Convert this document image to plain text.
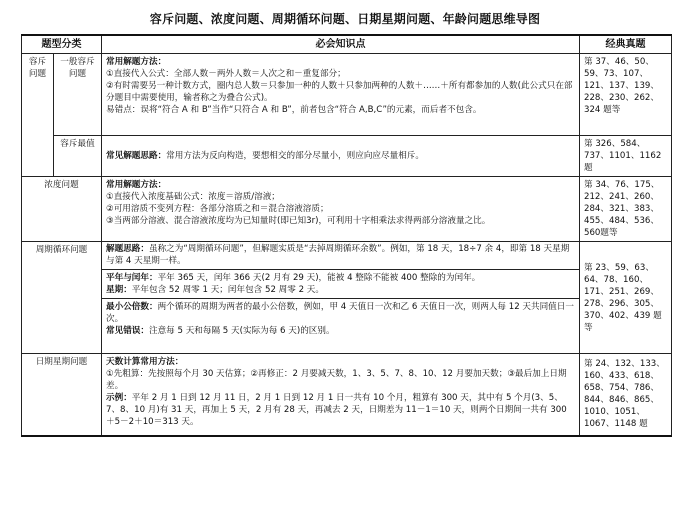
容斥问题、浓度问题、周期循环问题、日期星期问题、年龄问题思维导图
题型分类		必会知识点	经典真题
容斥问题	一般容斥问题	常用解题方法：
①直接代入公式：全部人数－两外人数＝人次之和－重复部分；
②有时需要另一种计数方式，圈内总人数＝只参加一种的人数＋只参加两种的人数＋……＋所有都参加的人数(此公式只在部分题目中需要使用，输者称之为叠合公式)。
易错点：误将“符合 A 和 B”当作“只符合 A 和 B”，前者包含“符合 A,B,C”的元素，而后者不包含。	第 37、46、50、59、73、107、121、137、139、228、230、262、324 题等
	容斥最值	常见解题思路：常用方法为反向构造，要想相交的部分尽量小，则应向应尽量相斥。	第 326、584、737、1101、1162 题
浓度问题		常用解题方法：
①直接代入浓度基础公式：浓度＝溶质/溶液；
②可用溶质不变列方程：各部分溶质之和＝混合溶液溶质；
③当两部分溶液、混合溶液浓度均为已知量时(即已知3r)，可利用十字相乘法求得两部分溶液量之比。	第 34、76、175、212、241、260、284、321、383、455、484、536、560题等
周期循环问题		解题思路：虽称之为“周期循环问题”，但解题实质是“去掉周期循环余数”。例如，第 18 天，18÷7 余 4，即第 18 天星期与第 4 天星期一样。
平年与闰年：平年 365 天，闰年 366 天(2 月有 29 天)，能被 4 整除不能被 400 整除的为闰年。
星期：平年包含 52 周零 1 天；闰年包含 52 周零 2 天。
最小公倍数：两个循环的周期为两者的最小公倍数，例如，甲 4 天值日一次和乙 6 天值日一次，则两人每 12 天共同值日一次。
常见错误：注意每 5 天和每隔 5 天(实际为每 6 天)的区别。	第 23、59、63、64、78、160、171、251、269、278、296、305、370、402、439 题等
日期星期问题		天数计算常用方法：
①先粗算：先按照每个月 30 天估算；②再修正：2 月要减天数，1、3、5、7、8、10、12 月要加天数；③最后加上日期差。
示例：平年 2 月 1 日到 12 月 11 日，2 月 1 日到 12 月 1 日一共有 10 个月，粗算有 300 天，其中有 5 个月(3、5、7、8、10 月)有 31 天，再加上 5 天，2 月有 28 天，再减去 2 天，日期差为 11－1＝10 天，则两个日期间一共有 300＋5－2＋10＝313 天。	第 24、132、133、160、433、618、658、754、786、844、846、865、1010、1051、1067、1148 题
